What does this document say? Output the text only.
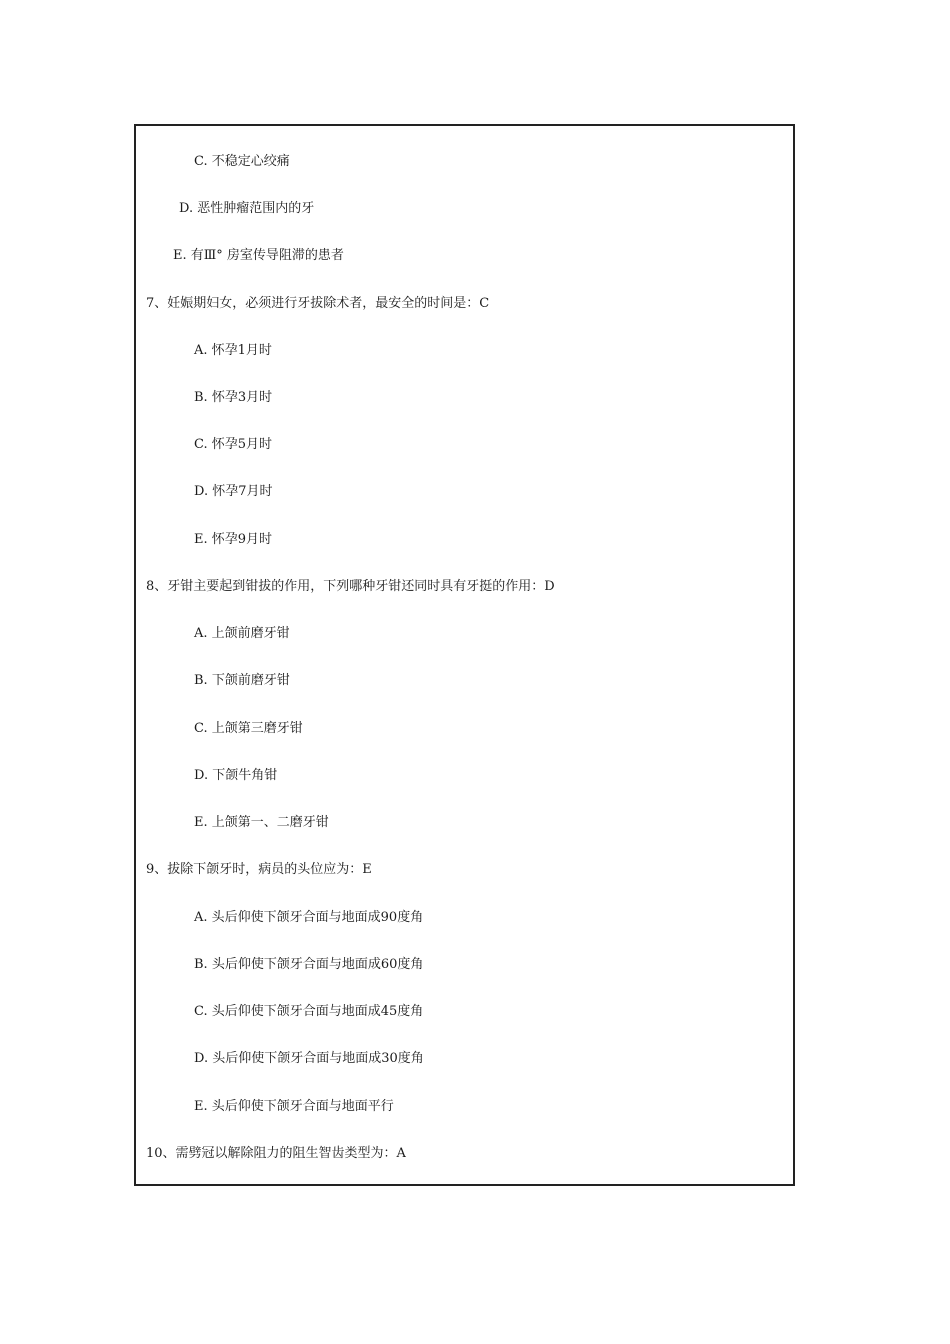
C. 不稳定心绞痛
D. 恶性肿瘤范围内的牙
E. 有Ⅲ° 房室传导阻滞的患者
7、妊娠期妇女，必须进行牙拔除术者，最安全的时间是：C
A. 怀孕1月时
B. 怀孕3月时
C. 怀孕5月时
D. 怀孕7月时
E. 怀孕9月时
8、牙钳主要起到钳拔的作用，下列哪种牙钳还同时具有牙挺的作用：D
A. 上颌前磨牙钳
B. 下颌前磨牙钳
C. 上颌第三磨牙钳
D. 下颌牛角钳
E. 上颌第一、二磨牙钳
9、拔除下颌牙时，病员的头位应为：E
A. 头后仰使下颌牙合面与地面成90度角
B. 头后仰使下颌牙合面与地面成60度角
C. 头后仰使下颌牙合面与地面成45度角
D. 头后仰使下颌牙合面与地面成30度角
E. 头后仰使下颌牙合面与地面平行
10、需劈冠以解除阻力的阻生智齿类型为：A
